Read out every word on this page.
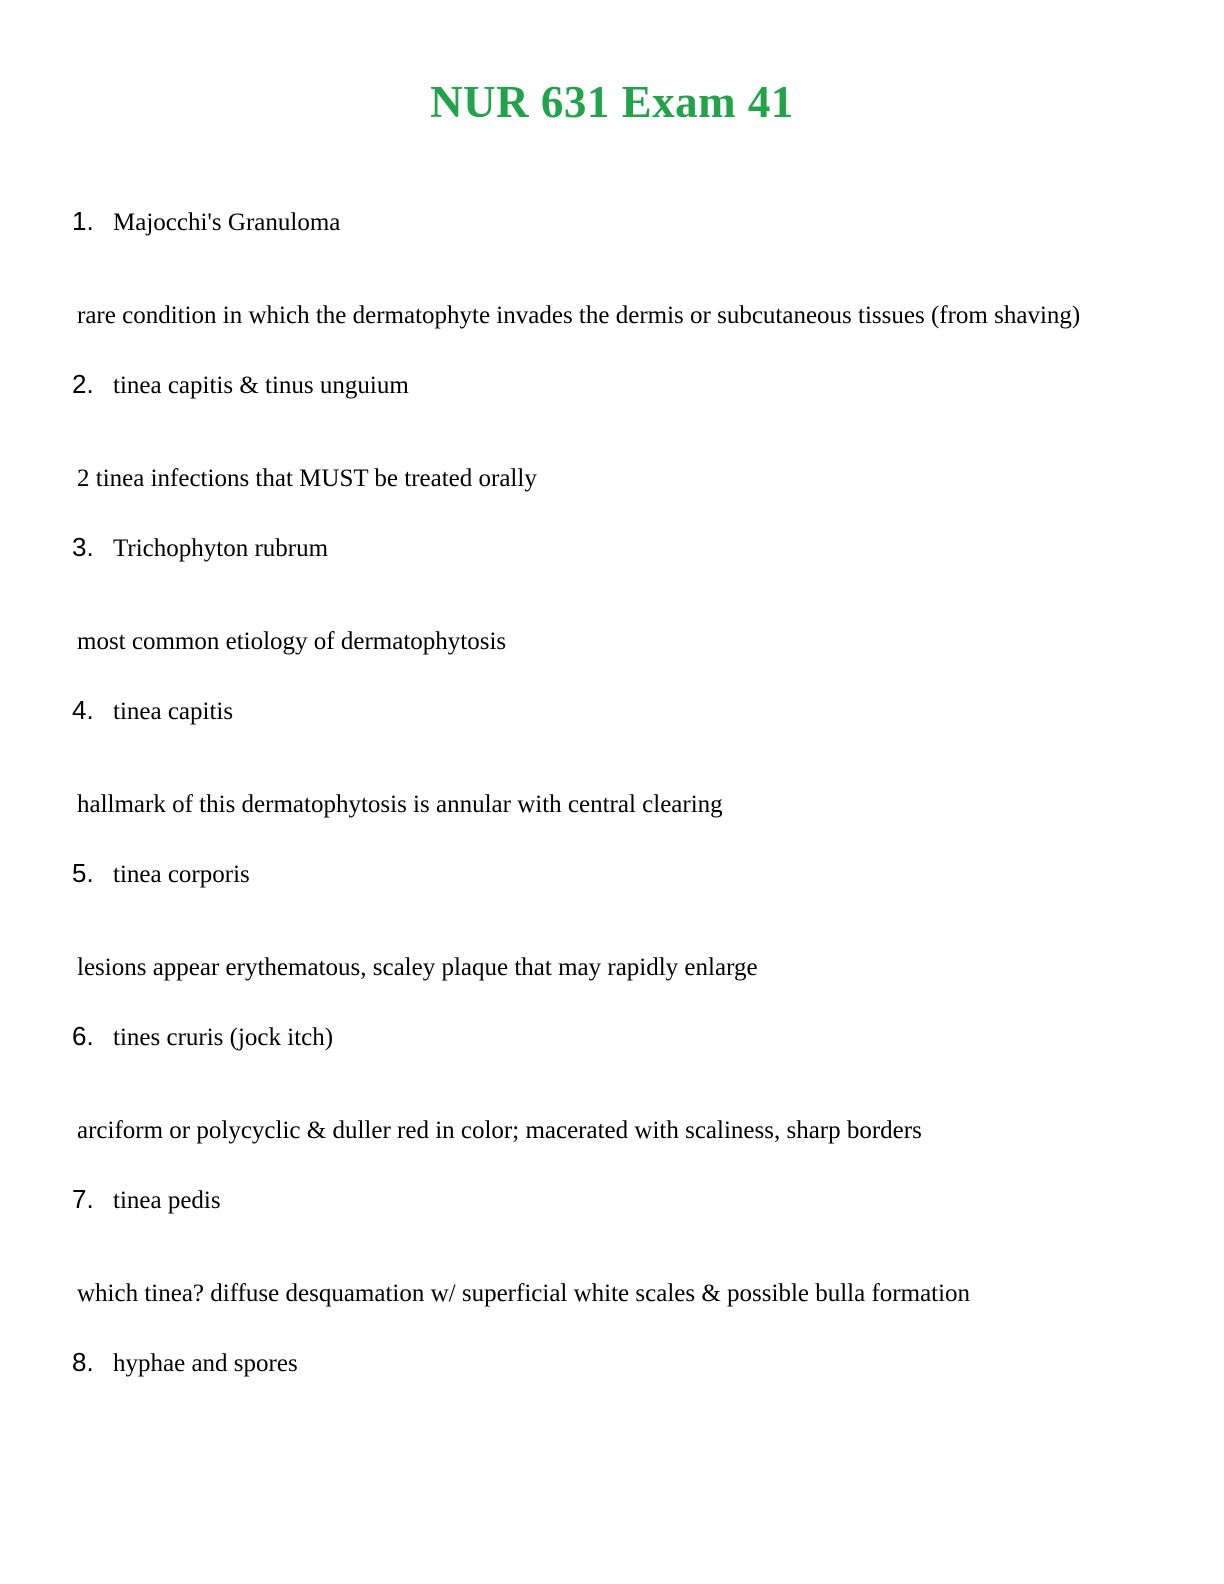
NUR 631 Exam 41
1. Majocchi's Granuloma

rare condition in which the dermatophyte invades the dermis or subcutaneous tissues (from shaving)

2. tinea capitis & tinus unguium

2 tinea infections that MUST be treated orally

3. Trichophyton rubrum

most common etiology of dermatophytosis

4. tinea capitis

hallmark of this dermatophytosis is annular with central clearing

5. tinea corporis

lesions appear erythematous, scaley plaque that may rapidly enlarge

6. tines cruris (jock itch)

arciform or polycyclic & duller red in color; macerated with scaliness, sharp borders

7. tinea pedis

which tinea? diffuse desquamation w/ superficial white scales & possible bulla formation

8. hyphae and spores
